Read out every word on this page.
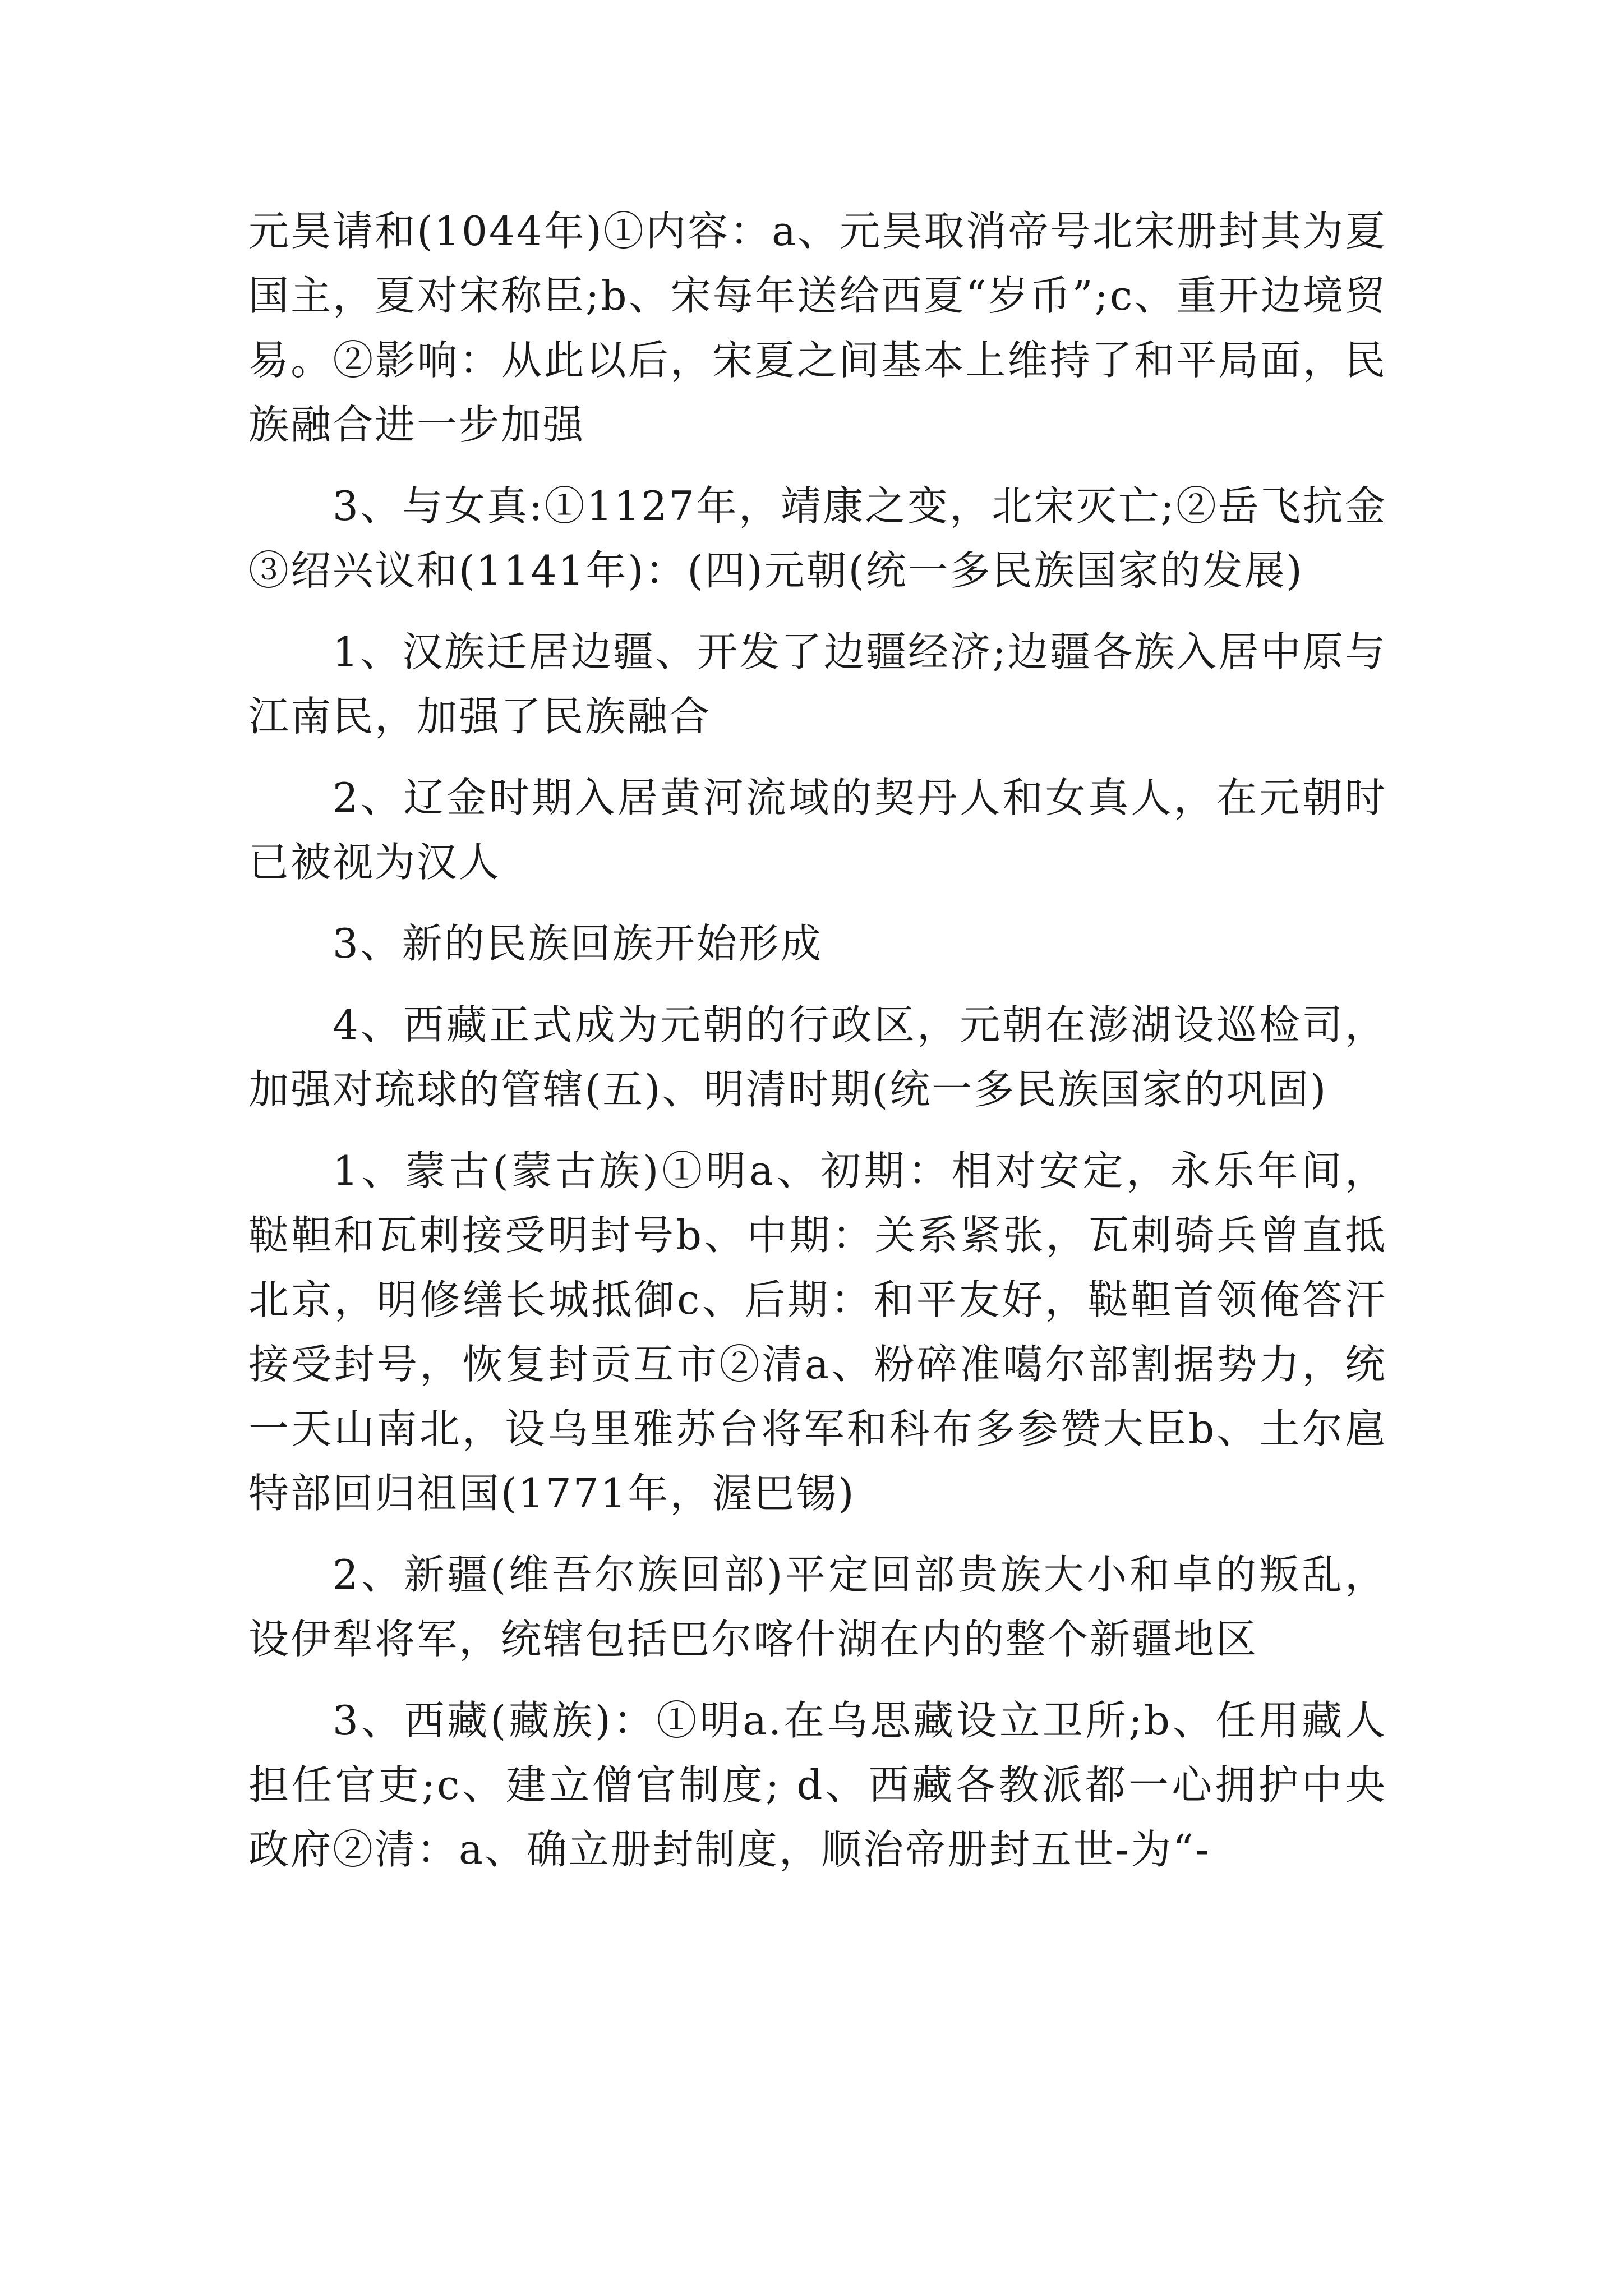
元昊请和(1044年)①内容：a、元昊取消帝号北宋册封其为夏国主，夏对宋称臣;b、宋每年送给西夏“岁币”;c、重开边境贸易。②影响：从此以后，宋夏之间基本上维持了和平局面，民族融合进一步加强

3、与女真:①1127年，靖康之变，北宋灭亡;②岳飞抗金③绍兴议和(1141年)：(四)元朝(统一多民族国家的发展)

1、汉族迁居边疆、开发了边疆经济;边疆各族入居中原与江南民，加强了民族融合

2、辽金时期入居黄河流域的契丹人和女真人，在元朝时已被视为汉人

3、新的民族回族开始形成

4、西藏正式成为元朝的行政区，元朝在澎湖设巡检司，加强对琉球的管辖(五)、明清时期(统一多民族国家的巩固)

1、蒙古(蒙古族)①明a、初期：相对安定，永乐年间，鞑靼和瓦剌接受明封号b、中期：关系紧张，瓦剌骑兵曾直抵北京，明修缮长城抵御c、后期：和平友好，鞑靼首领俺答汗接受封号，恢复封贡互市②清a、粉碎准噶尔部割据势力，统一天山南北，设乌里雅苏台将军和科布多参赞大臣b、土尔扈特部回归祖国(1771年，渥巴锡)

2、新疆(维吾尔族回部)平定回部贵族大小和卓的叛乱，设伊犁将军，统辖包括巴尔喀什湖在内的整个新疆地区

3、西藏(藏族)：①明a.在乌思藏设立卫所;b、任用藏人担任官吏;c、建立僧官制度; d、西藏各教派都一心拥护中央政府②清：a、确立册封制度，顺治帝册封五世-为“-
